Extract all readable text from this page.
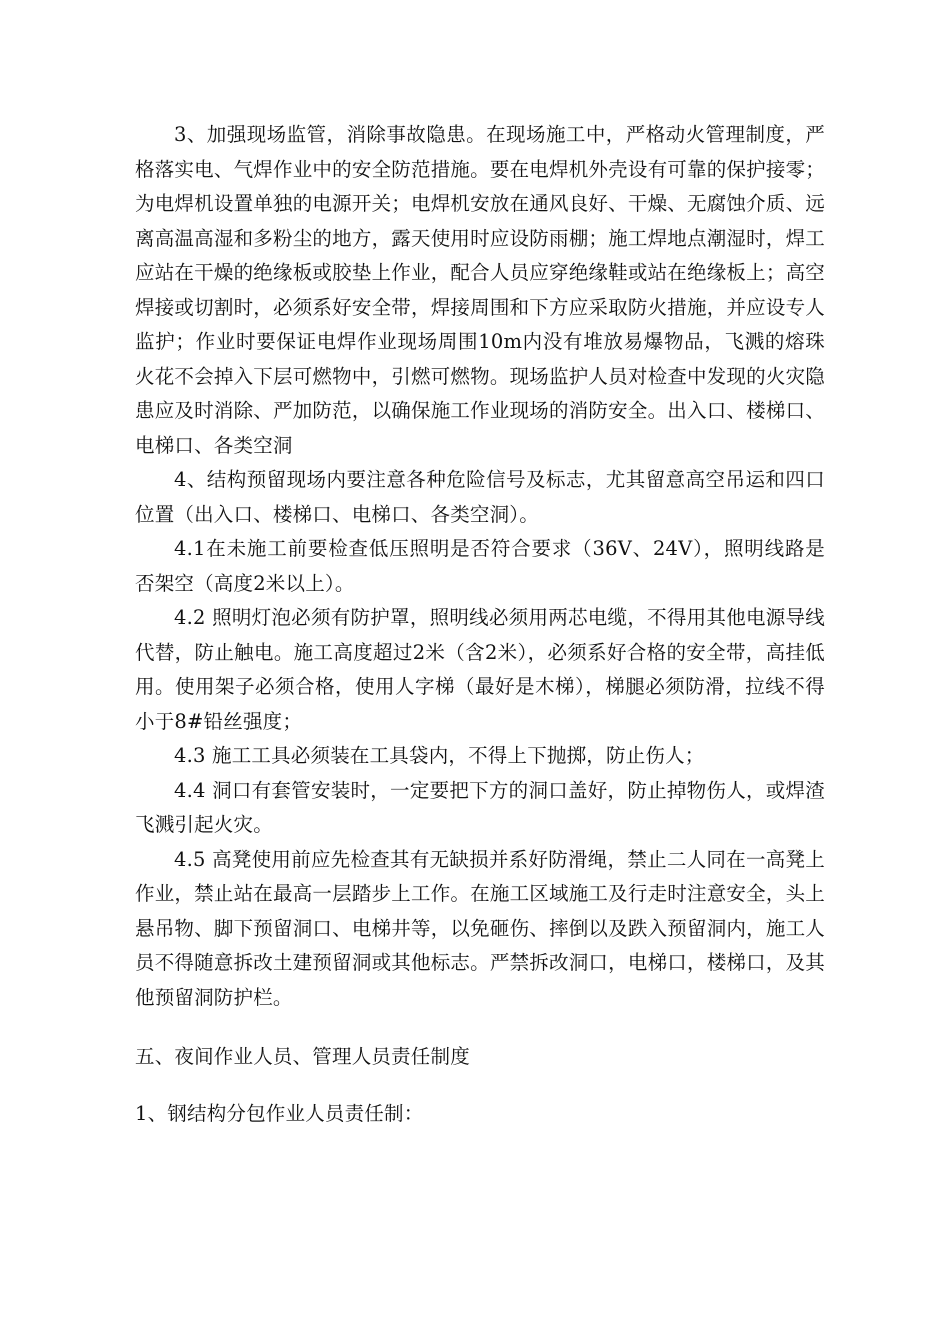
3、加强现场监管，消除事故隐患。在现场施工中，严格动火管理制度，严格落实电、气焊作业中的安全防范措施。要在电焊机外壳设有可靠的保护接零；为电焊机设置单独的电源开关；电焊机安放在通风良好、干燥、无腐蚀介质、远离高温高湿和多粉尘的地方，露天使用时应设防雨棚；施工焊地点潮湿时，焊工应站在干燥的绝缘板或胶垫上作业，配合人员应穿绝缘鞋或站在绝缘板上；高空焊接或切割时，必须系好安全带，焊接周围和下方应采取防火措施，并应设专人监护；作业时要保证电焊作业现场周围10m内没有堆放易爆物品，飞溅的熔珠火花不会掉入下层可燃物中，引燃可燃物。现场监护人员对检查中发现的火灾隐患应及时消除、严加防范，以确保施工作业现场的消防安全。出入口、楼梯口、电梯口、各类空洞

4、结构预留现场内要注意各种危险信号及标志，尤其留意高空吊运和四口位置（出入口、楼梯口、电梯口、各类空洞）。

4.1在未施工前要检查低压照明是否符合要求（36V、24V），照明线路是否架空（高度2米以上）。

4.2 照明灯泡必须有防护罩，照明线必须用两芯电缆，不得用其他电源导线代替，防止触电。施工高度超过2米（含2米），必须系好合格的安全带，高挂低用。使用架子必须合格，使用人字梯（最好是木梯），梯腿必须防滑，拉线不得小于8#铅丝强度；

4.3 施工工具必须装在工具袋内，不得上下抛掷，防止伤人；

4.4 洞口有套管安装时，一定要把下方的洞口盖好，防止掉物伤人，或焊渣飞溅引起火灾。

4.5 高凳使用前应先检查其有无缺损并系好防滑绳，禁止二人同在一高凳上作业，禁止站在最高一层踏步上工作。在施工区域施工及行走时注意安全，头上悬吊物、脚下预留洞口、电梯井等，以免砸伤、摔倒以及跌入预留洞内，施工人员不得随意拆改土建预留洞或其他标志。严禁拆改洞口，电梯口，楼梯口，及其他预留洞防护栏。

五、夜间作业人员、管理人员责任制度

1、钢结构分包作业人员责任制：
